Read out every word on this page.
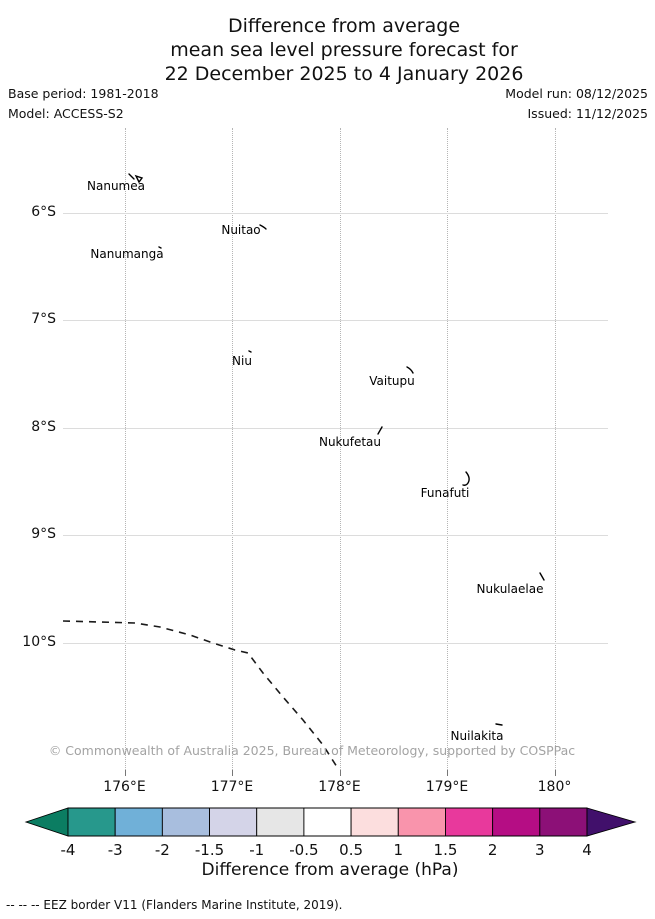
Difference from average
mean sea level pressure forecast for
22 December 2025 to 4 January 2026
Base period: 1981-2018
Model: ACCESS-S2
Model run: 08/12/2025
Issued: 11/12/2025
176°E	177°E	178°E	179°E	180°
6°S
7°S
8°S
9°S
10°S
Nanumea
Nuitao
Nanumanga
Niu
Vaitupu
Nukufetau
Funafuti
Nukulaelae
Nuilakita
© Commonwealth of Australia 2025, Bureau of Meteorology, supported by COSPPac
-4 -3 -2 -1.5 -1 -0.5 0.5 1 1.5 2	3	4
Difference from average (hPa)
-- -- -- EEZ border V11 (Flanders Marine Institute, 2019).
